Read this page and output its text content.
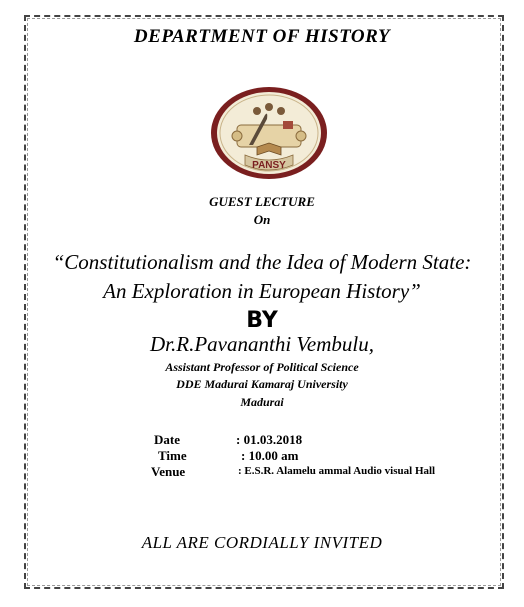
DEPARTMENT OF HISTORY
PANSY
GUEST LECTURE
On
“Constitutionalism and the Idea of Modern State:
An Exploration in European History”
BY
Dr.R.Pavananthi Vembulu,
Assistant Professor of Political Science
DDE Madurai Kamaraj University
Madurai
Date	: 01.03.2018
Time	: 10.00 am
Venue	: E.S.R. Alamelu ammal Audio visual Hall
ALL ARE CORDIALLY INVITED
